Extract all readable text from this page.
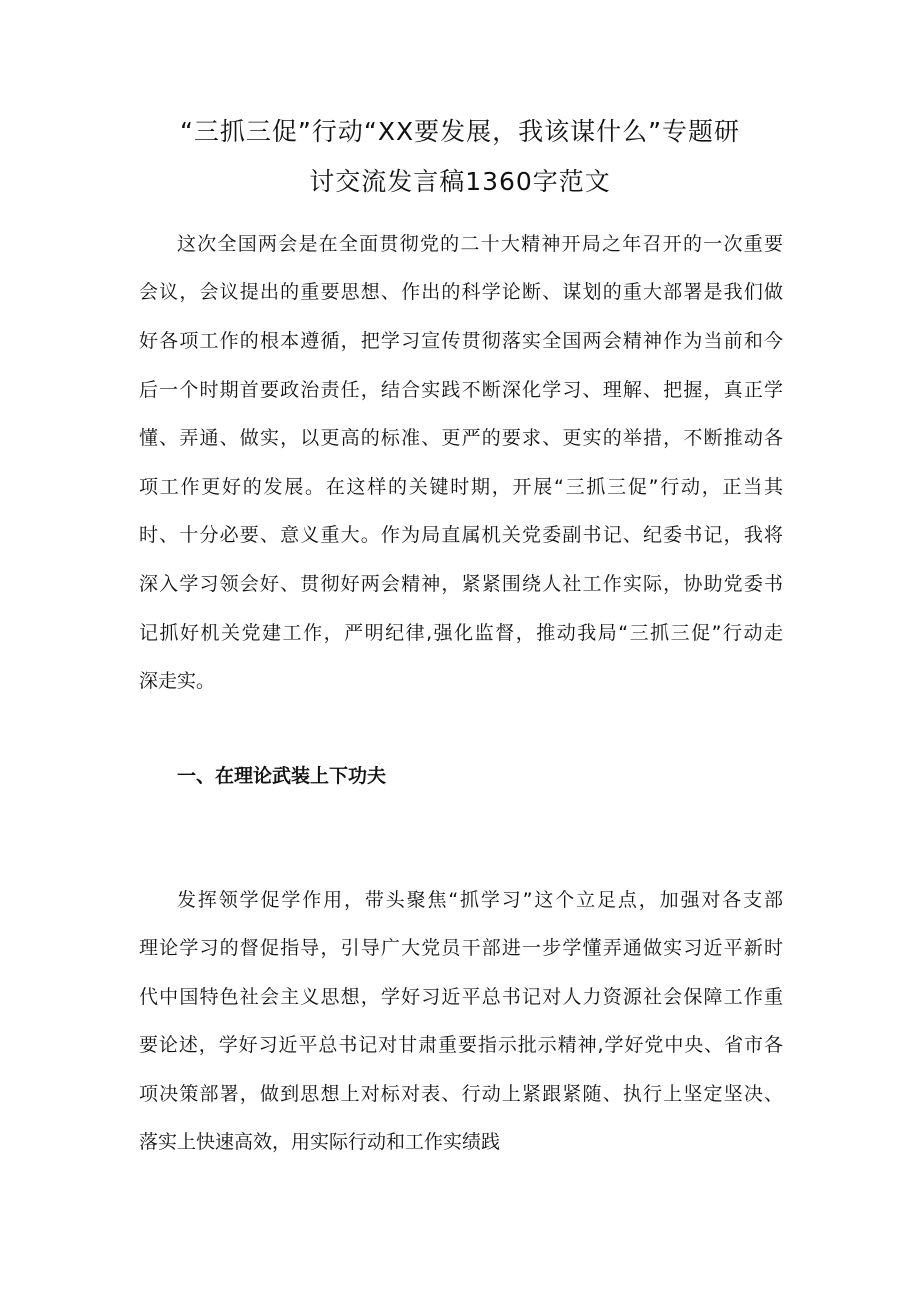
“三抓三促”行动“XX要发展，我该谋什么”专题研
讨交流发言稿1360字范文
这次全国两会是在全面贯彻党的二十大精神开局之年召开的一次重要
会议，会议提出的重要思想、作出的科学论断、谋划的重大部署是我们做
好各项工作的根本遵循，把学习宣传贯彻落实全国两会精神作为当前和今
后一个时期首要政治责任，结合实践不断深化学习、理解、把握，真正学
懂、弄通、做实，以更高的标准、更严的要求、更实的举措，不断推动各
项工作更好的发展。在这样的关键时期，开展“三抓三促”行动，正当其
时、十分必要、意义重大。作为局直属机关党委副书记、纪委书记，我将
深入学习领会好、贯彻好两会精神，紧紧围绕人社工作实际，协助党委书
记抓好机关党建工作，严明纪律,强化监督，推动我局“三抓三促”行动走
深走实。
一、在理论武装上下功夫
发挥领学促学作用，带头聚焦“抓学习”这个立足点，加强对各支部
理论学习的督促指导，引导广大党员干部进一步学懂弄通做实习近平新时
代中国特色社会主义思想，学好习近平总书记对人力资源社会保障工作重
要论述，学好习近平总书记对甘肃重要指示批示精神,学好党中央、省市各
项决策部署，做到思想上对标对表、行动上紧跟紧随、执行上坚定坚决、
落实上快速高效，用实际行动和工作实绩践
